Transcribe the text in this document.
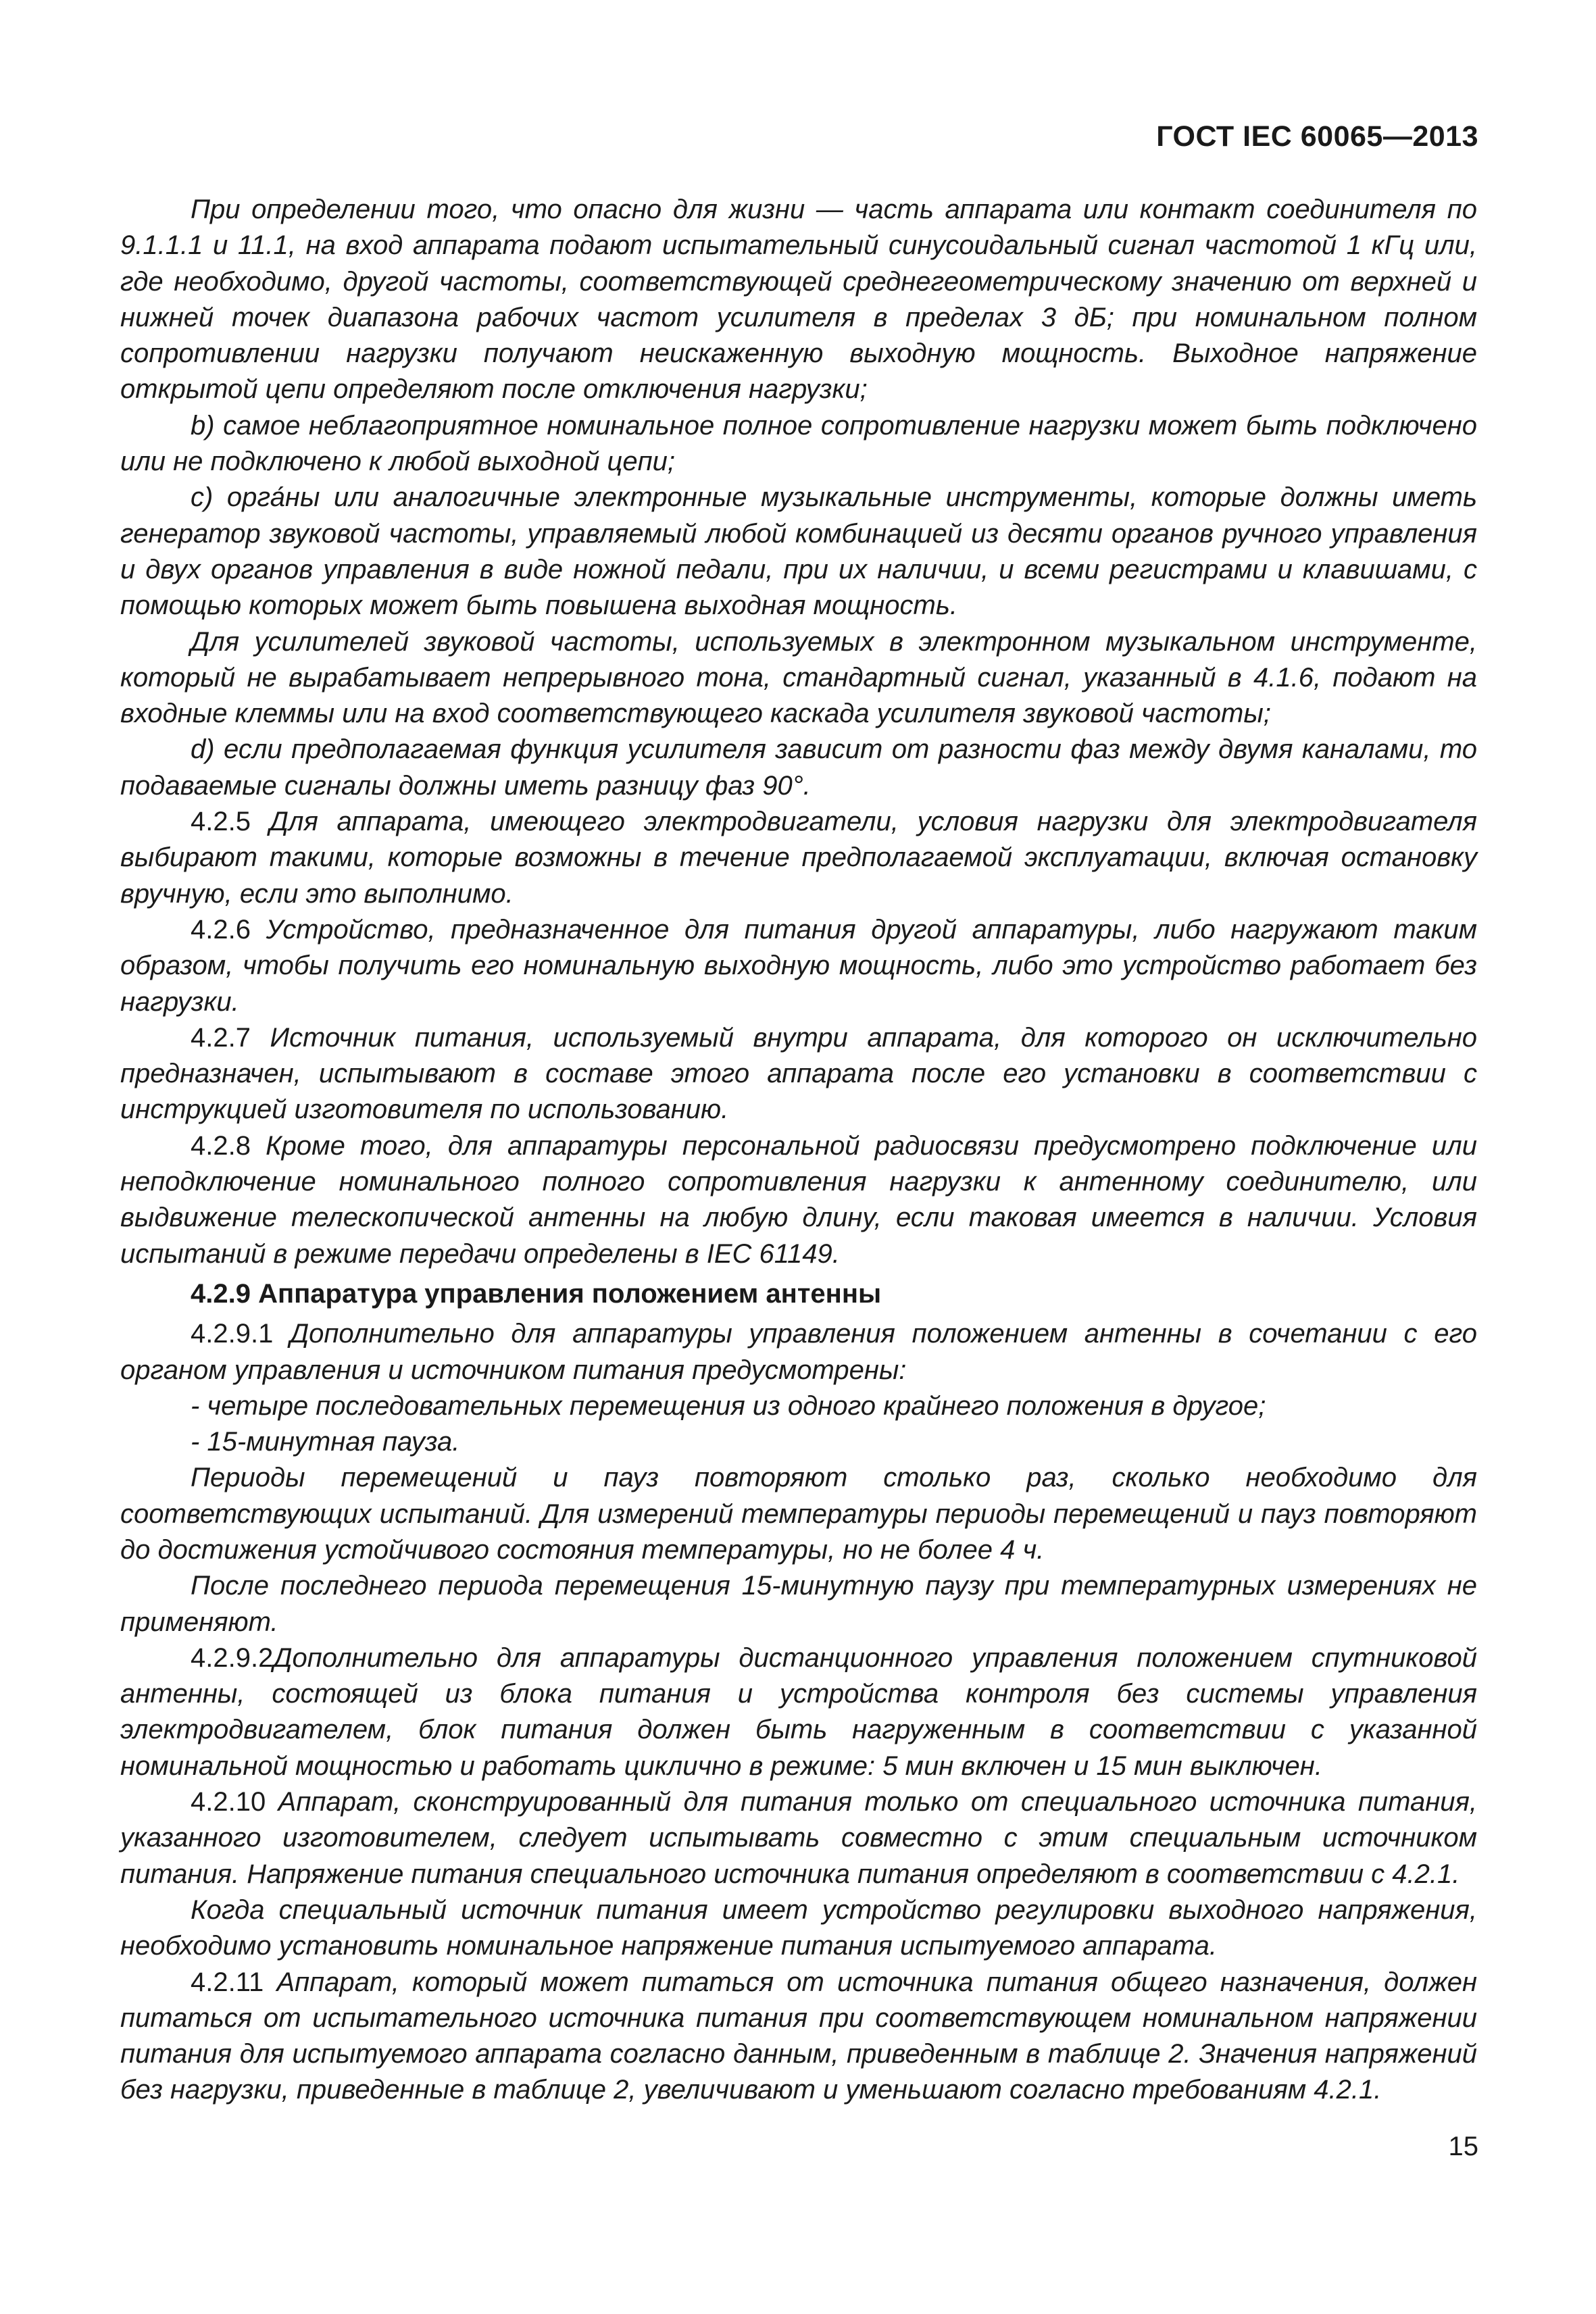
ГОСТ IEC 60065—2013

При определении того, что опасно для жизни — часть аппарата или контакт соединителя по 9.1.1.1 и 11.1, на вход аппарата подают испытательный синусоидальный сигнал частотой 1 кГц или, где необходимо, другой частоты, соответствующей среднегеометрическому значению от верхней и нижней точек диапазона рабочих частот усилителя в пределах 3 дБ; при номинальном полном сопротивлении нагрузки получают неискаженную выходную мощность. Выходное напряжение открытой цепи определяют после отключения нагрузки;

b) самое неблагоприятное номинальное полное сопротивление нагрузки может быть подключено или не подключено к любой выходной цепи;

c) орга́ны или аналогичные электронные музыкальные инструменты, которые должны иметь генератор звуковой частоты, управляемый любой комбинацией из десяти органов ручного управления и двух органов управления в виде ножной педали, при их наличии, и всеми регистрами и клавишами, с помощью которых может быть повышена выходная мощность.

Для усилителей звуковой частоты, используемых в электронном музыкальном инструменте, который не вырабатывает непрерывного тона, стандартный сигнал, указанный в 4.1.6, подают на входные клеммы или на вход соответствующего каскада усилителя звуковой частоты;

d) если предполагаемая функция усилителя зависит от разности фаз между двумя каналами, то подаваемые сигналы должны иметь разницу фаз 90°.

4.2.5 Для аппарата, имеющего электродвигатели, условия нагрузки для электродвигателя выбирают такими, которые возможны в течение предполагаемой эксплуатации, включая остановку вручную, если это выполнимо.

4.2.6 Устройство, предназначенное для питания другой аппаратуры, либо нагружают таким образом, чтобы получить его номинальную выходную мощность, либо это устройство работает без нагрузки.

4.2.7 Источник питания, используемый внутри аппарата, для которого он исключительно предназначен, испытывают в составе этого аппарата после его установки в соответствии с инструкцией изготовителя по использованию.

4.2.8 Кроме того, для аппаратуры персональной радиосвязи предусмотрено подключение или неподключение номинального полного сопротивления нагрузки к антенному соединителю, или выдвижение телескопической антенны на любую длину, если таковая имеется в наличии. Условия испытаний в режиме передачи определены в IEC 61149.

4.2.9 Аппаратура управления положением антенны

4.2.9.1 Дополнительно для аппаратуры управления положением антенны в сочетании с его органом управления и источником питания предусмотрены:

- четыре последовательных перемещения из одного крайнего положения в другое;

- 15-минутная пауза.

Периоды перемещений и пауз повторяют столько раз, сколько необходимо для соответствующих испытаний. Для измерений температуры периоды перемещений и пауз повторяют до достижения устойчивого состояния температуры, но не более 4 ч.

После последнего периода перемещения 15-минутную паузу при температурных измерениях не применяют.

4.2.9.2Дополнительно для аппаратуры дистанционного управления положением спутниковой антенны, состоящей из блока питания и устройства контроля без системы управления электродвигателем, блок питания должен быть нагруженным в соответствии с указанной номинальной мощностью и работать циклично в режиме: 5 мин включен и 15 мин выключен.

4.2.10 Аппарат, сконструированный для питания только от специального источника питания, указанного изготовителем, следует испытывать совместно с этим специальным источником питания. Напряжение питания специального источника питания определяют в соответствии с 4.2.1.

Когда специальный источник питания имеет устройство регулировки выходного напряжения, необходимо установить номинальное напряжение питания испытуемого аппарата.

4.2.11 Аппарат, который может питаться от источника питания общего назначения, должен питаться от испытательного источника питания при соответствующем номинальном напряжении питания для испытуемого аппарата согласно данным, приведенным в таблице 2. Значения напряжений без нагрузки, приведенные в таблице 2, увеличивают и уменьшают согласно требованиям 4.2.1.

15
